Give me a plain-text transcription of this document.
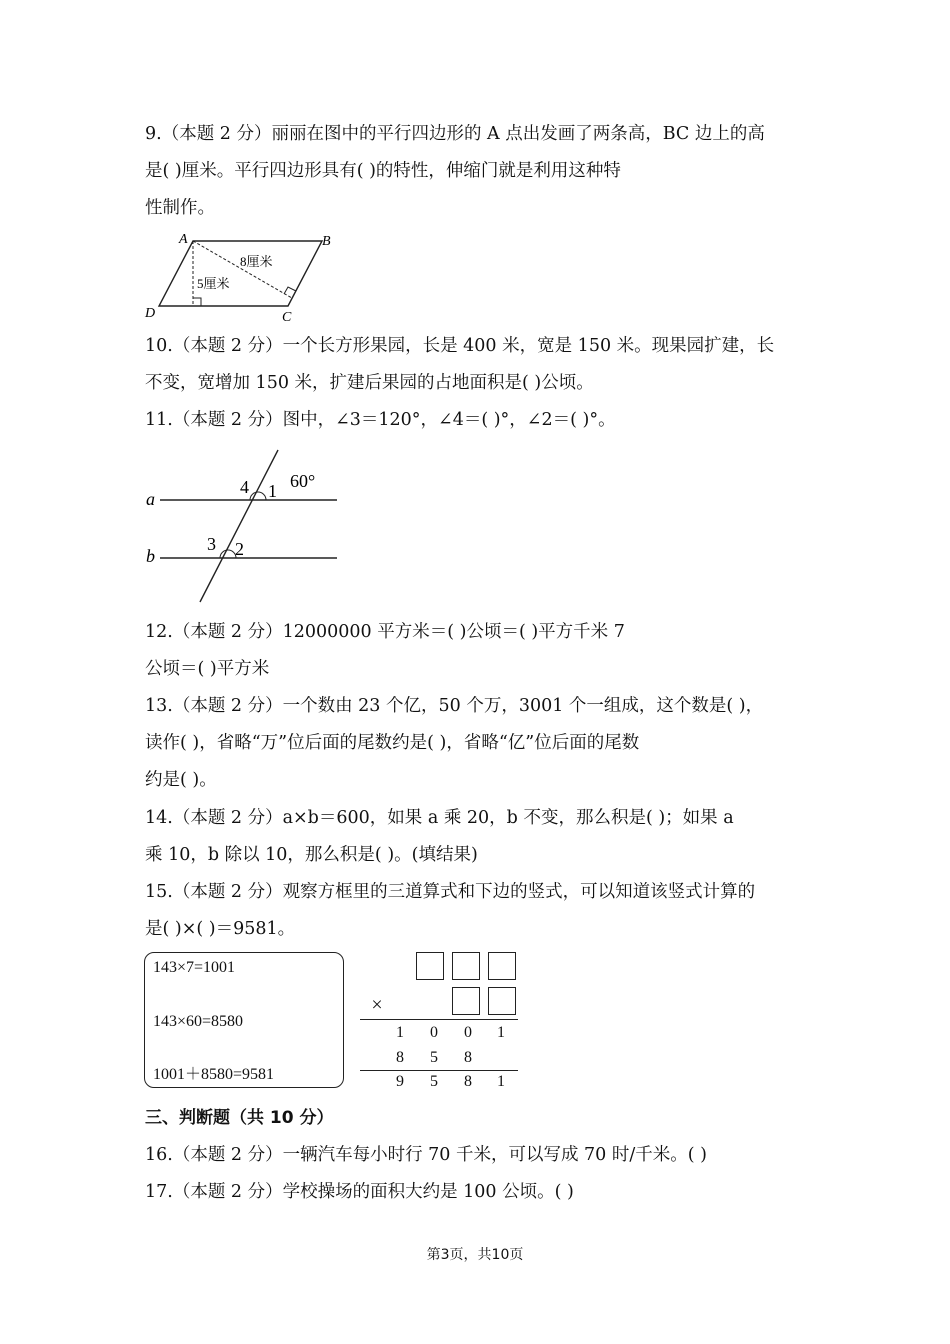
9.（本题 2 分）丽丽在图中的平行四边形的 A 点出发画了两条高，BC 边上的高
是( )厘米。平行四边形具有( )的特性，伸缩门就是利用这种特
性制作。
A	B
C
D
8厘米
5厘米
10.（本题 2 分）一个长方形果园，长是 400 米，宽是 150 米。现果园扩建，长
不变，宽增加 150 米，扩建后果园的占地面积是( )公顷。
11.（本题 2 分）图中，∠3＝120°，∠4＝( )°，∠2＝( )°。
a
b
4 1 60°
3 2
12.（本题 2 分）12000000 平方米＝( )公顷＝( )平方千米 7
公顷＝( )平方米
13.（本题 2 分）一个数由 23 个亿，50 个万，3001 个一组成，这个数是( )，
读作( )，省略“万”位后面的尾数约是( )，省略“亿”位后面的尾数
约是( )。
14.（本题 2 分）a×b＝600，如果 a 乘 20，b 不变，那么积是( )；如果 a
乘 10，b 除以 10，那么积是( )。(填结果)
15.（本题 2 分）观察方框里的三道算式和下边的竖式，可以知道该竖式计算的
是( )×( )＝9581。
143×7=1001
143×60=8580
1001＋8580=9581
×
1	0	0	1
8	5	8
9	5	8	1
三、判断题（共 10 分）
16.（本题 2 分）一辆汽车每小时行 70 千米，可以写成 70 时/千米。( )
17.（本题 2 分）学校操场的面积大约是 100 公顷。( )
第3页，共10页
